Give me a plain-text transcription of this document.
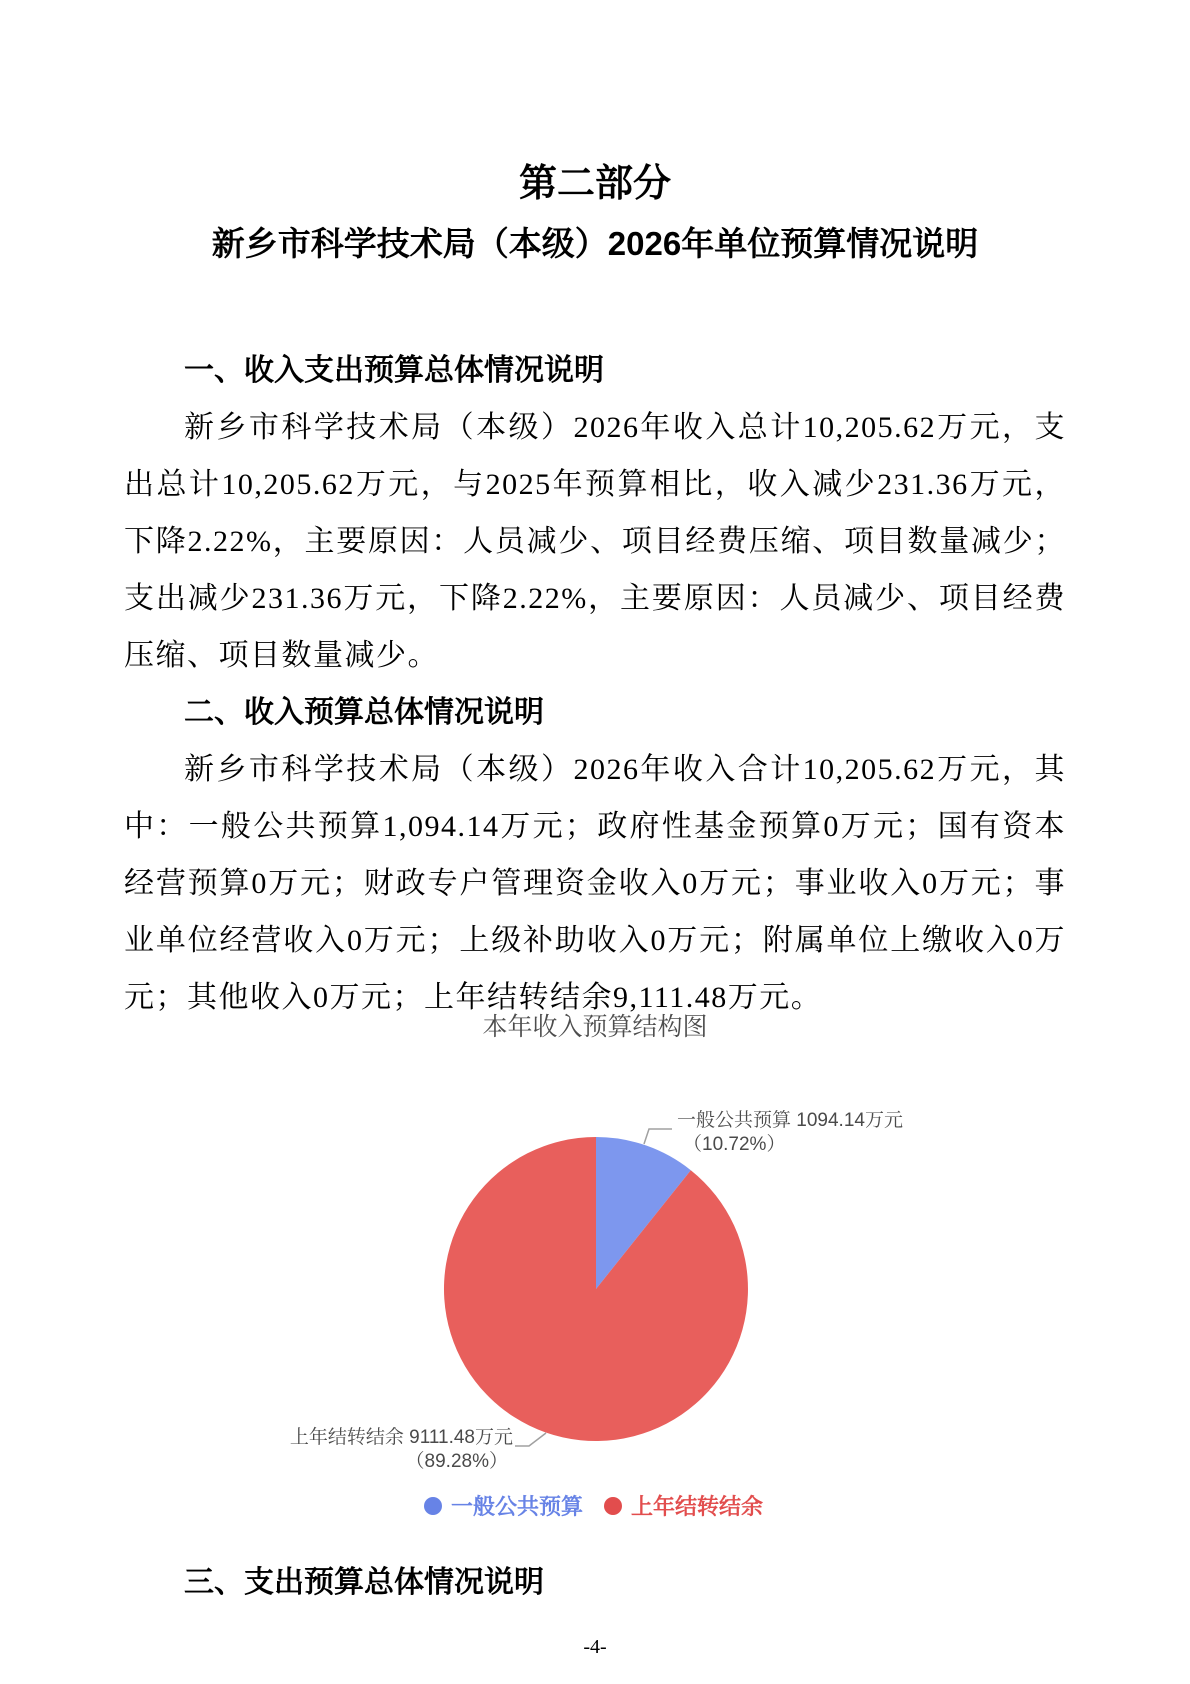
第二部分
新乡市科学技术局（本级）2026年单位预算情况说明
一、收入支出预算总体情况说明

新乡市科学技术局（本级）2026年收入总计10,205.62万元，支出总计10,205.62万元，与2025年预算相比，收入减少231.36万元，下降2.22%，主要原因：人员减少、项目经费压缩、项目数量减少；支出减少231.36万元，下降2.22%，主要原因：人员减少、项目经费压缩、项目数量减少。

二、收入预算总体情况说明

新乡市科学技术局（本级）2026年收入合计10,205.62万元，其中：一般公共预算1,094.14万元；政府性基金预算0万元；国有资本经营预算0万元；财政专户管理资金收入0万元；事业收入0万元；事业单位经营收入0万元；上级补助收入0万元；附属单位上缴收入0万元；其他收入0万元；上年结转结余9,111.48万元。

本年收入预算结构图
一般公共预算 1094.14万元
（10.72%）
上年结转结余 9111.48万元
（89.28%）
一般公共预算 上年结转结余
三、支出预算总体情况说明
-4-
